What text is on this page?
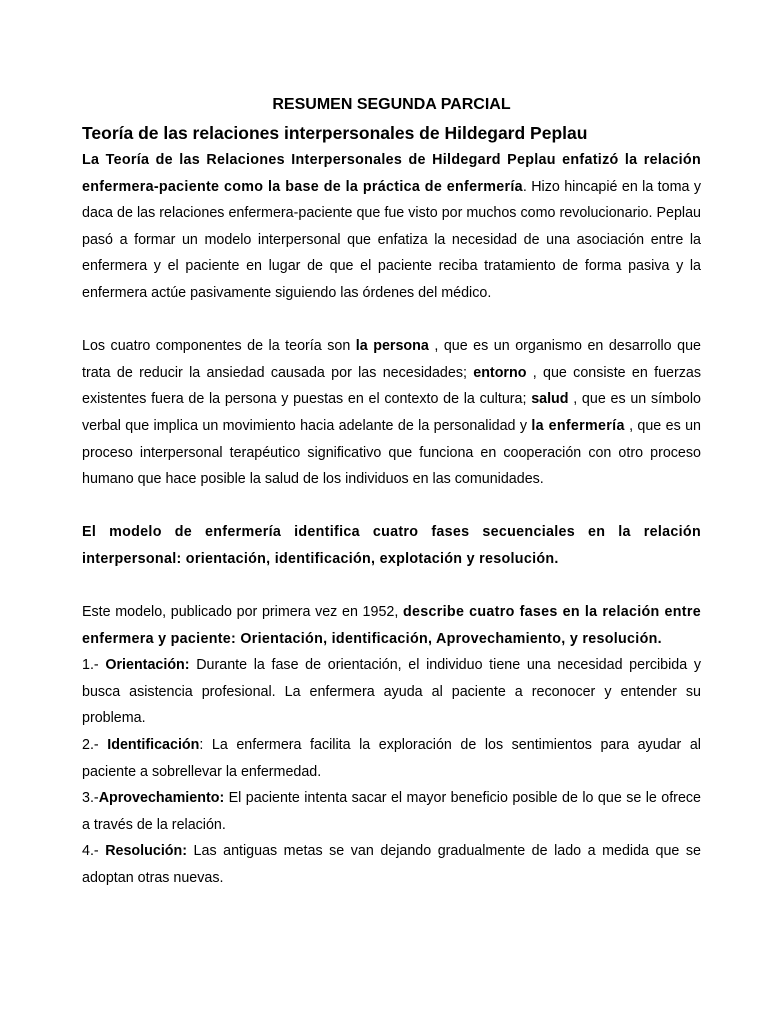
RESUMEN SEGUNDA PARCIAL
Teoría de las relaciones interpersonales de Hildegard Peplau

La Teoría de las Relaciones Interpersonales de Hildegard Peplau enfatizó la relación enfermera-paciente como la base de la práctica de enfermería. Hizo hincapié en la toma y daca de las relaciones enfermera-paciente que fue visto por muchos como revolucionario. Peplau pasó a formar un modelo interpersonal que enfatiza la necesidad de una asociación entre la enfermera y el paciente en lugar de que el paciente reciba tratamiento de forma pasiva y la enfermera actúe pasivamente siguiendo las órdenes del médico.

Los cuatro componentes de la teoría son la persona , que es un organismo en desarrollo que trata de reducir la ansiedad causada por las necesidades; entorno , que consiste en fuerzas existentes fuera de la persona y puestas en el contexto de la cultura; salud , que es un símbolo verbal que implica un movimiento hacia adelante de la personalidad y la enfermería , que es un proceso interpersonal terapéutico significativo que funciona en cooperación con otro proceso humano que hace posible la salud de los individuos en las comunidades.

El modelo de enfermería identifica cuatro fases secuenciales en la relación interpersonal: orientación, identificación, explotación y resolución.

Este modelo, publicado por primera vez en 1952, describe cuatro fases en la relación entre enfermera y paciente: Orientación, identificación, Aprovechamiento, y resolución.

1.- Orientación: Durante la fase de orientación, el individuo tiene una necesidad percibida y busca asistencia profesional. La enfermera ayuda al paciente a reconocer y entender su problema.

2.- Identificación: La enfermera facilita la exploración de los sentimientos para ayudar al paciente a sobrellevar la enfermedad.

3.-Aprovechamiento: El paciente intenta sacar el mayor beneficio posible de lo que se le ofrece a través de la relación.

4.- Resolución: Las antiguas metas se van dejando gradualmente de lado a medida que se adoptan otras nuevas.
